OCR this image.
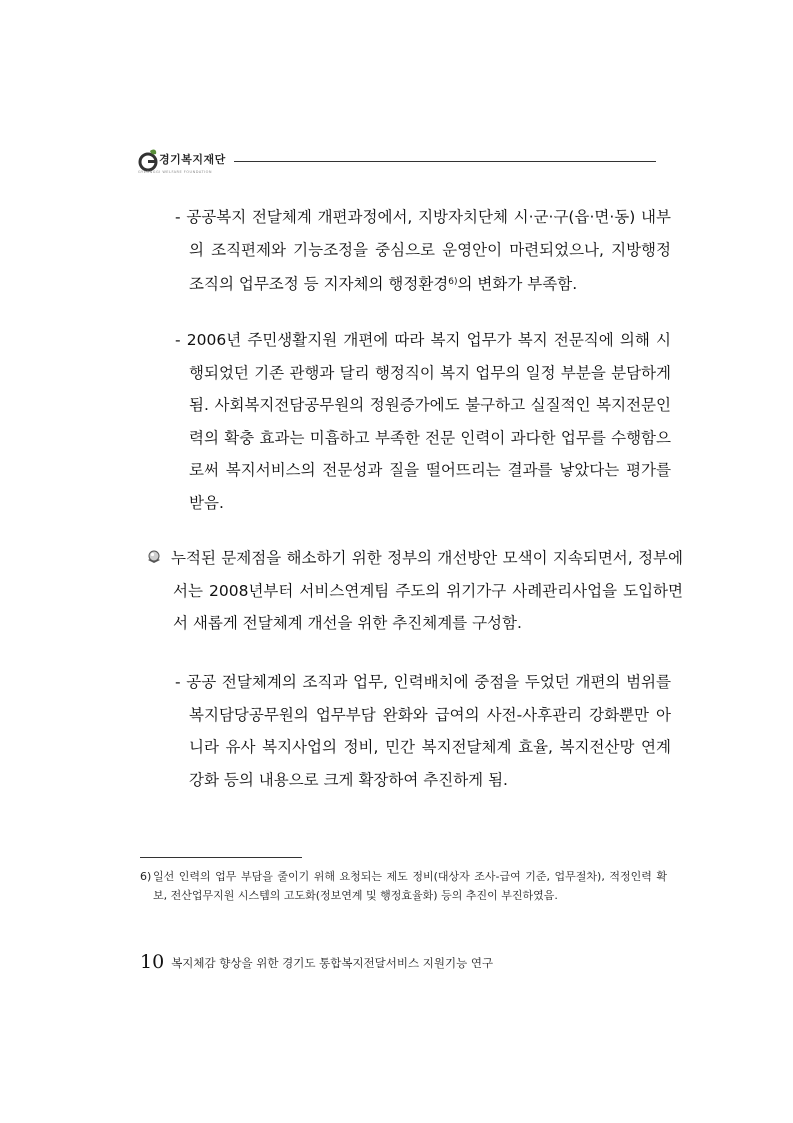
경기복지재단
GYEONGGI WELFARE FOUNDATION

- 공공복지 전달체계 개편과정에서, 지방자치단체 시·군·구(읍·면·동) 내부의 조직편제와 기능조정을 중심으로 운영안이 마련되었으나, 지방행정조직의 업무조정 등 지자체의 행정환경$^{6)}$의 변화가 부족함.

- 2006년 주민생활지원 개편에 따라 복지 업무가 복지 전문직에 의해 시행되었던 기존 관행과 달리 행정직이 복지 업무의 일정 부분을 분담하게 됨. 사회복지전담공무원의 정원증가에도 불구하고 실질적인 복지전문인력의 확충 효과는 미흡하고 부족한 전문 인력이 과다한 업무를 수행함으로써 복지서비스의 전문성과 질을 떨어뜨리는 결과를 낳았다는 평가를 받음.

누적된 문제점을 해소하기 위한 정부의 개선방안 모색이 지속되면서, 정부에서는 2008년부터 서비스연계팀 주도의 위기가구 사례관리사업을 도입하면서 새롭게 전달체계 개선을 위한 추진체계를 구성함.

- 공공 전달체계의 조직과 업무, 인력배치에 중점을 두었던 개편의 범위를 복지담당공무원의 업무부담 완화와 급여의 사전-사후관리 강화뿐만 아니라 유사 복지사업의 정비, 민간 복지전달체계 효율, 복지전산망 연계 강화 등의 내용으로 크게 확장하여 추진하게 됨.

6) 일선 인력의 업무 부담을 줄이기 위해 요청되는 제도 정비(대상자 조사-급여 기준, 업무절차), 적정인력 확보, 전산업무지원 시스템의 고도화(정보연계 및 행정효율화) 등의 추진이 부진하였음.

10 복지체감 향상을 위한 경기도 통합복지전달서비스 지원기능 연구
